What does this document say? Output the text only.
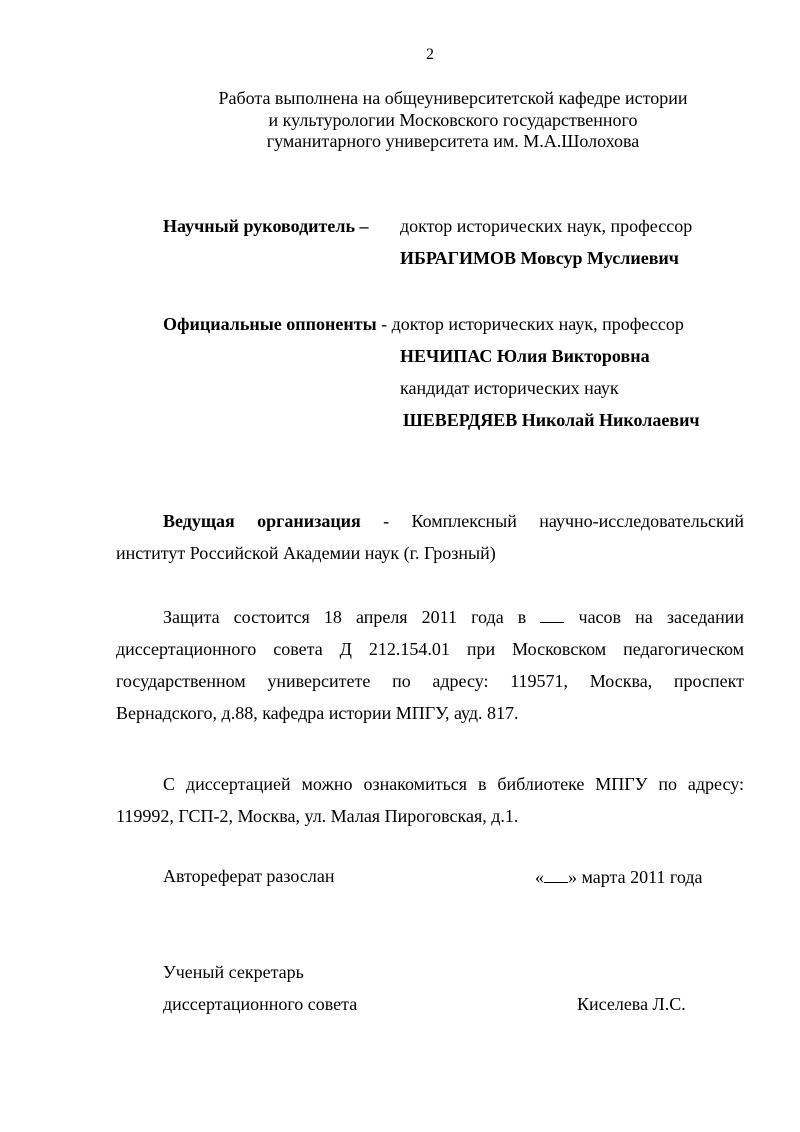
2
Работа выполнена на общеуниверситетской кафедре истории
и культурологии Московского государственного
гуманитарного университета им. М.А.Шолохова
Научный руководитель – доктор исторических наук, профессор
ИБРАГИМОВ Мовсур Муслиевич
Официальные оппоненты - доктор исторических наук, профессор
НЕЧИПАС Юлия Викторовна
кандидат исторических наук
ШЕВЕРДЯЕВ Николай Николаевич
Ведущая организация - Комплексный научно-исследовательский институт Российской Академии наук (г. Грозный)
Защита состоится 18 апреля 2011 года в  часов на заседании диссертационного совета Д 212.154.01 при Московском педагогическом государственном университете по адресу: 119571, Москва, проспект Вернадского, д.88, кафедра истории МПГУ, ауд. 817.
С диссертацией можно ознакомиться в библиотеке МПГУ по адресу: 119992, ГСП-2, Москва, ул. Малая Пироговская, д.1.
Автореферат разослан	« » марта 2011 года
Ученый секретарь
диссертационного совета	Киселева Л.С.
